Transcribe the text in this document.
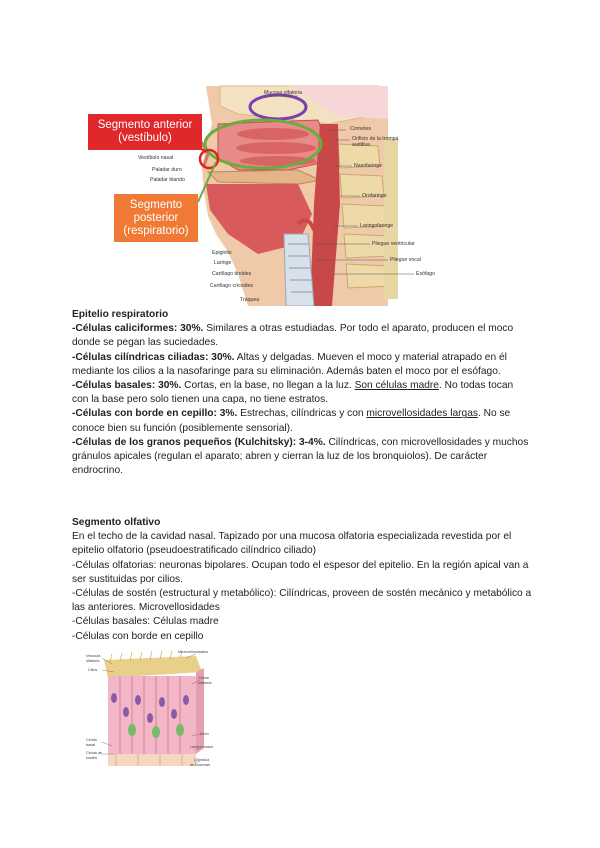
Segmento anterior
(vestíbulo)
Segmento
posterior
(respiratorio)
Mucosa olfatoria
Cornetes
Orificio de la trompa
auditiva
Nasofaringe
Orofaringe
Laringofaringe
Pliegue ventricular
Pliegue vocal
Esófago
Vestíbulo nasal
Paladar duro
Paladar blando
Epiglotis
Laringe
Cartílago tiroides
Cartílago cricoides
Tráquea

Epitelio respiratorio

-Células caliciformes: 30%. Similares a otras estudiadas. Por todo el aparato, producen el moco donde se pegan las suciedades.

-Células cilíndricas ciliadas: 30%. Altas y delgadas. Mueven el moco y material atrapado en él mediante los cilios a la nasofaringe para su eliminación. Además baten el moco por el esófago.

-Células basales: 30%. Cortas, en la base, no llegan a la luz. Son células madre. No todas tocan con la base pero solo tienen una capa, no tiene estratos.

-Células con borde en cepillo: 3%. Estrechas, cilíndricas y con microvellosidades largas. No se conoce bien su función (posiblemente sensorial).

-Células de los granos pequeños (Kulchitsky): 3-4%. Cilíndricas, con microvellosidades y muchos gránulos apicales (regulan el aparato; abren y cierran la luz de los bronquiolos). De carácter endrocrino.

Segmento olfativo

En el techo de la cavidad nasal. Tapizado por una mucosa olfatoria especializada revestida por el epitelio olfatorio (pseudoestratificado cilíndrico ciliado)

-Células olfatorias: neuronas bipolares. Ocupan todo el espesor del epitelio. En la región apical van a ser sustituidas por cilios.

-Células de sostén (estructural y metabólico): Cilíndricas, proveen de sostén mecánico y metabólico a las anteriores. Microvellosidades

-Células basales: Células madre

-Células con borde en cepillo

Vesícula
olfatoria
Cilios
Célula
basal
Célula de
sostén
Microvellosidades
Célula
olfatoria
Axón
Lámina basal
Glándula
de Bowman
